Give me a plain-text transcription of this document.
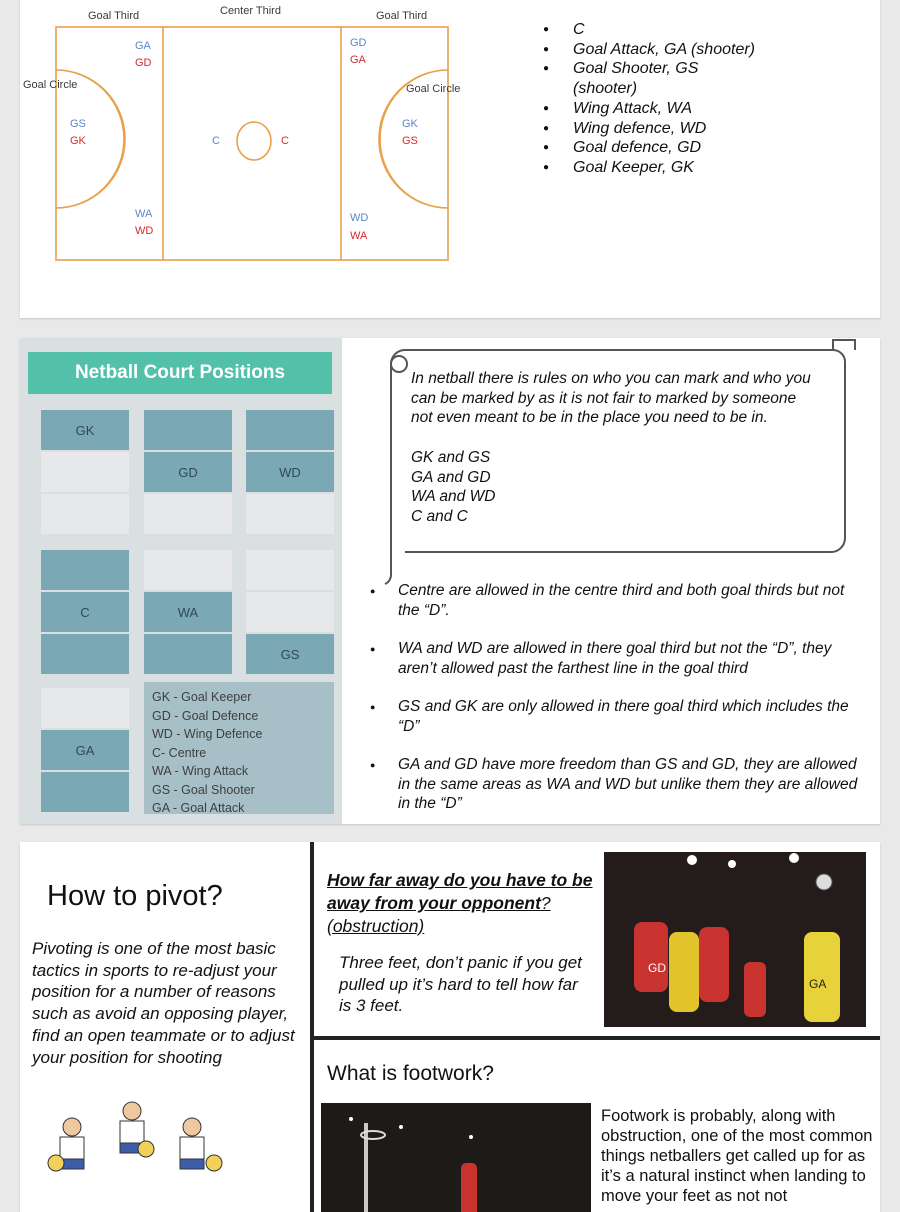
Goal Third	Center Third	Goal Third
Goal Circle	Goal Circle
GA
GD
GS
GK
WA
WD
GD
GA
GK
GS
WD
WA
C	C
● C
● Goal Attack, GA (shooter)
● Goal Shooter, GS (shooter)
● Wing Attack, WA
● Wing defence, WD
● Goal defence, GD
● Goal Keeper, GK
Netball Court Positions
GK
GD	WD
C	WA
GS
GA
GK - Goal Keeper
GD - Goal Defence
WD - Wing Defence
C- Centre
WA - Wing Attack
GS - Goal Shooter
GA - Goal Attack
In netball there is rules on who you can mark and who you can be marked by as it is not fair to marked by someone not even meant to be in the place you need to be in.
GK and GS
GA and GD
WA and WD
C and C
● Centre are allowed in the centre third and both goal thirds but not the “D”.
● WA and WD are allowed in there goal third but not the “D”, they aren’t allowed past the farthest line in the goal third
● GS and GK are only allowed in there goal third which includes the “D”
● GA and GD have more freedom than GS and GD, they are allowed in the same areas as WA and WD but unlike them they are allowed in the “D”
How to pivot?
Pivoting is one of the most basic tactics in sports to re-adjust your position for a number of reasons such as avoid an opposing player, find an open teammate or to adjust your position for shooting
How far away do you have to be away from your opponent? (obstruction)
Three feet, don’t panic if you get pulled up it’s hard to tell how far is 3 feet.
GD
GA
What is footwork?
Footwork is probably, along with obstruction, one of the most common things netballers get called up for as it’s a natural instinct when landing to move your feet as not not
